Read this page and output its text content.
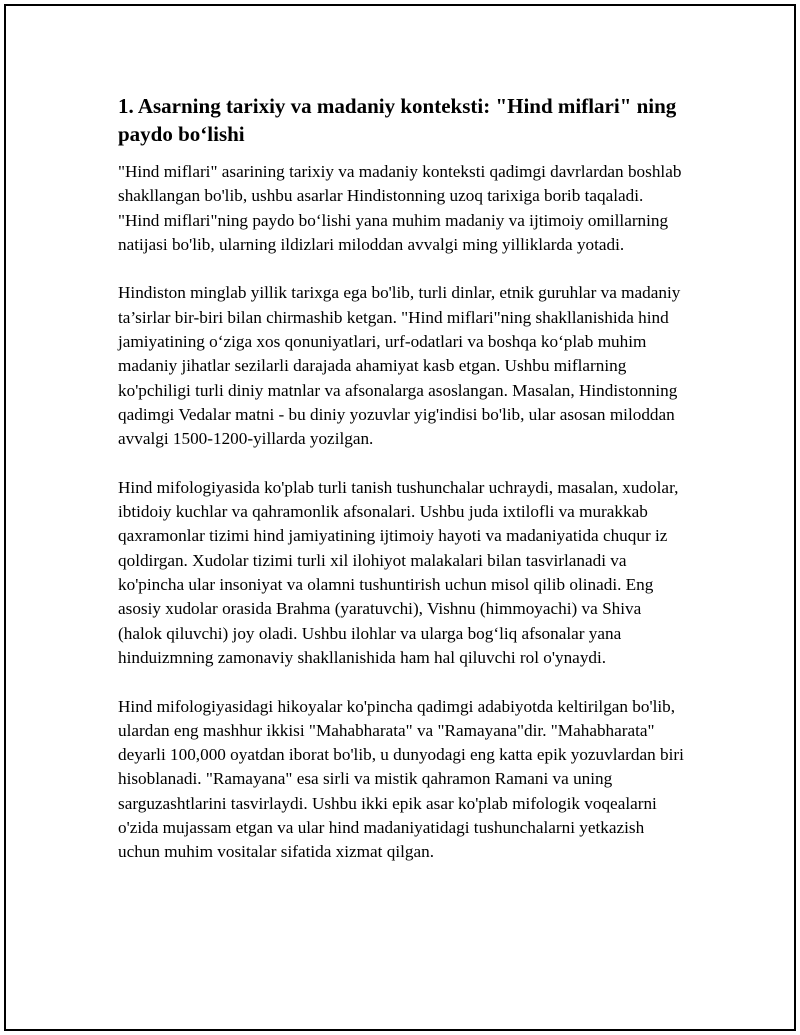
1. Asarning tarixiy va madaniy konteksti: "Hind miflari" ning paydo bo‘lishi

"Hind miflari" asarining tarixiy va madaniy konteksti qadimgi davrlardan boshlab shakllangan bo'lib, ushbu asarlar Hindistonning uzoq tarixiga borib taqaladi. "Hind miflari"ning paydo bo‘lishi yana muhim madaniy va ijtimoiy omillarning natijasi bo'lib, ularning ildizlari miloddan avvalgi ming yilliklarda yotadi.

Hindiston minglab yillik tarixga ega bo'lib, turli dinlar, etnik guruhlar va madaniy ta’sirlar bir-biri bilan chirmashib ketgan. "Hind miflari"ning shakllanishida hind jamiyatining o‘ziga xos qonuniyatlari, urf-odatlari va boshqa ko‘plab muhim madaniy jihatlar sezilarli darajada ahamiyat kasb etgan. Ushbu miflarning ko'pchiligi turli diniy matnlar va afsonalarga asoslangan. Masalan, Hindistonning qadimgi Vedalar matni - bu diniy yozuvlar yig'indisi bo'lib, ular asosan miloddan avvalgi 1500-1200-yillarda yozilgan.

Hind mifologiyasida ko'plab turli tanish tushunchalar uchraydi, masalan, xudolar, ibtidoiy kuchlar va qahramonlik afsonalari. Ushbu juda ixtilofli va murakkab qaxramonlar tizimi hind jamiyatining ijtimoiy hayoti va madaniyatida chuqur iz qoldirgan. Xudolar tizimi turli xil ilohiyot malakalari bilan tasvirlanadi va ko'pincha ular insoniyat va olamni tushuntirish uchun misol qilib olinadi. Eng asosiy xudolar orasida Brahma (yaratuvchi), Vishnu (himmoyachi) va Shiva (halok qiluvchi) joy oladi. Ushbu ilohlar va ularga bog‘liq afsonalar yana hinduizmning zamonaviy shakllanishida ham hal qiluvchi rol o'ynaydi.

Hind mifologiyasidagi hikoyalar ko'pincha qadimgi adabiyotda keltirilgan bo'lib, ulardan eng mashhur ikkisi "Mahabharata" va "Ramayana"dir. "Mahabharata" deyarli 100,000 oyatdan iborat bo'lib, u dunyodagi eng katta epik yozuvlardan biri hisoblanadi. "Ramayana" esa sirli va mistik qahramon Ramani va uning sarguzashtlarini tasvirlaydi. Ushbu ikki epik asar ko'plab mifologik voqealarni o'zida mujassam etgan va ular hind madaniyatidagi tushunchalarni yetkazish uchun muhim vositalar sifatida xizmat qilgan.
